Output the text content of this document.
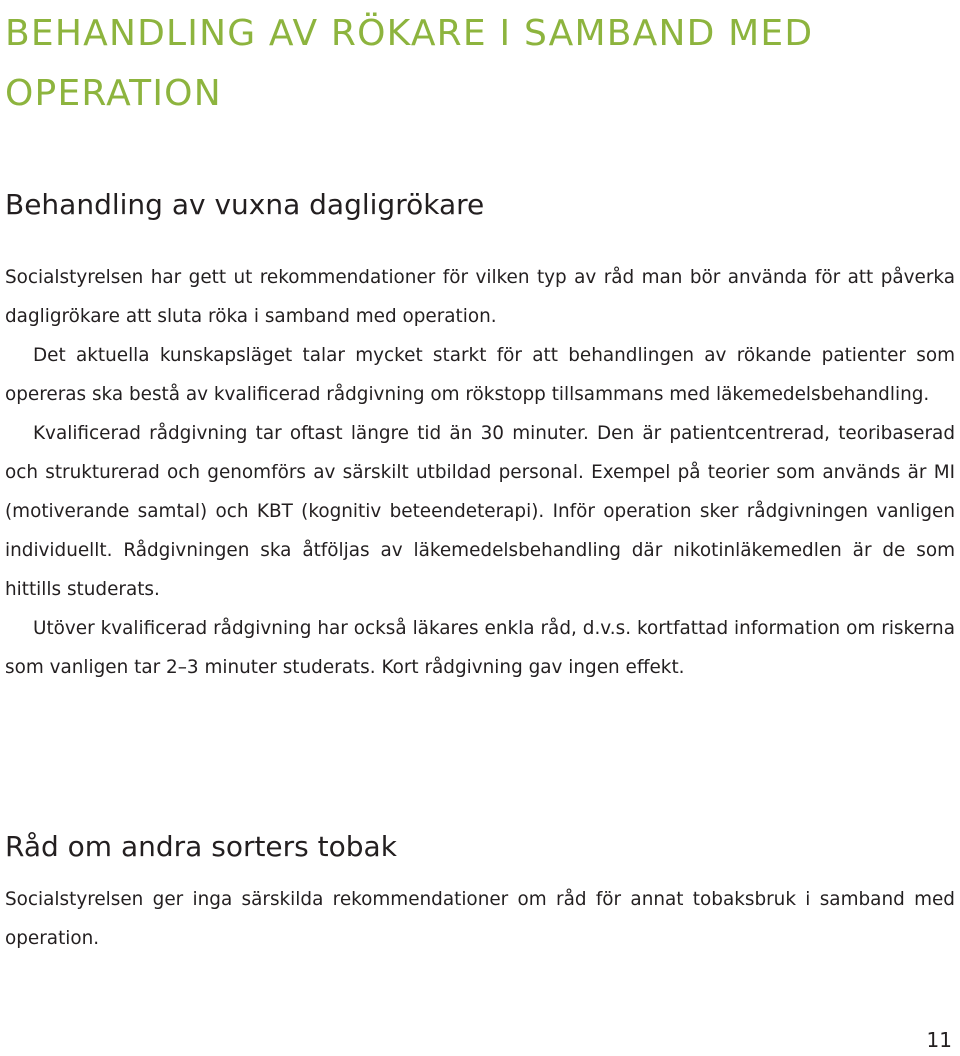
BEHANDLING AV RÖKARE I SAMBAND MED OPERATION
Behandling av vuxna dagligrökare

Socialstyrelsen har gett ut rekommendationer för vilken typ av råd man bör använda för att påverka dagligrökare att sluta röka i samband med operation.

Det aktuella kunskapsläget talar mycket starkt för att behandlingen av rökande patienter som opereras ska bestå av kvalificerad rådgivning om rökstopp tillsammans med läkemedelsbehandling.

Kvalificerad rådgivning tar oftast längre tid än 30 minuter. Den är patientcentrerad, teoribaserad och strukturerad och genomförs av särskilt utbildad personal. Exempel på teorier som används är MI (motiverande samtal) och KBT (kognitiv beteendeterapi). Inför operation sker rådgivningen vanligen individuellt. Rådgivningen ska åtföljas av läkemedelsbehandling där nikotinläkemedlen är de som hittills studerats.

Utöver kvalificerad rådgivning har också läkares enkla råd, d.v.s. kortfattad information om riskerna som vanligen tar 2–3 minuter studerats. Kort rådgivning gav ingen effekt.

Råd om andra sorters tobak

Socialstyrelsen ger inga särskilda rekommendationer om råd för annat tobaksbruk i samband med operation.

11
